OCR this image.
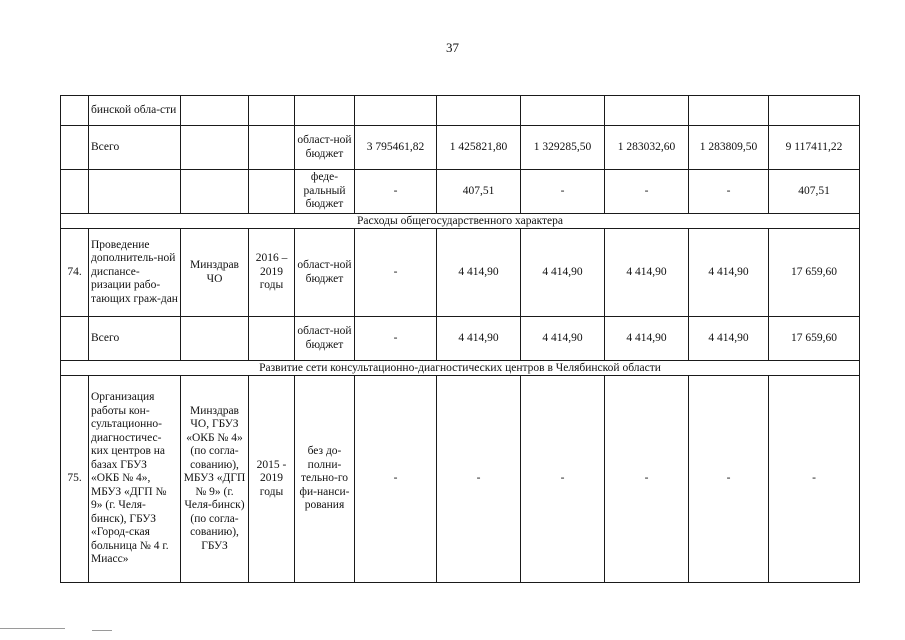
37
	бинской обла-сти									
	Всего			област-ной бюджет	3 795461,82	1 425821,80	1 329285,50	1 283032,60	1 283809,50	9 117411,22
				феде-ральный бюджет	-	407,51	-	-	-	407,51
Расходы общегосударственного характера										
74.	Проведение дополнитель-ной диспансе-ризации рабо-тающих граж-дан	Минздрав ЧО	2016 – 2019 годы	област-ной бюджет	-	4 414,90	4 414,90	4 414,90	4 414,90	17 659,60
	Всего			област-ной бюджет	-	4 414,90	4 414,90	4 414,90	4 414,90	17 659,60
Развитие сети консультационно-диагностических центров в Челябинской области										
75.	Организация работы кон-сультационно-диагностичес-ких центров на базах ГБУЗ «ОКБ № 4», МБУЗ «ДГП № 9» (г. Челя-бинск), ГБУЗ «Город-ская больница № 4 г. Миасс»	Минздрав ЧО, ГБУЗ «ОКБ № 4» (по согла-сованию), МБУЗ «ДГП № 9» (г. Челя-бинск) (по согла-сованию), ГБУЗ	2015 - 2019 годы	без до-полни-тельно-го фи-нанси-рования	-	-	-	-	-	-
